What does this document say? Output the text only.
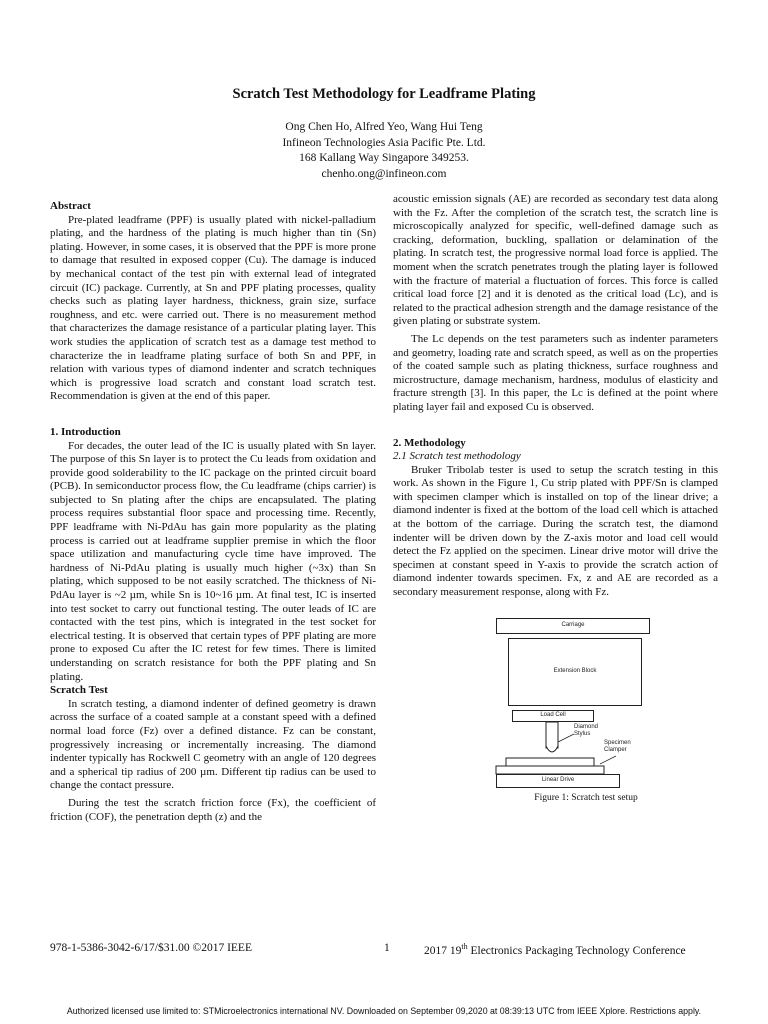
Scratch Test Methodology for Leadframe Plating
Ong Chen Ho, Alfred Yeo, Wang Hui Teng
Infineon Technologies Asia Pacific Pte. Ltd.
168 Kallang Way Singapore 349253.
chenho.ong@infineon.com

Abstract

Pre-plated leadframe (PPF) is usually plated with nickel-palladium plating, and the hardness of the plating is much higher than tin (Sn) plating. However, in some cases, it is observed that the PPF is more prone to damage that resulted in exposed copper (Cu). The damage is induced by mechanical contact of the test pin with external lead of integrated circuit (IC) package. Currently, at Sn and PPF plating processes, quality checks such as plating layer hardness, thickness, grain size, surface roughness, and etc. were carried out. There is no measurement method that characterizes the damage resistance of a particular plating layer. This work studies the application of scratch test as a damage test method to characterize the in leadframe plating surface of both Sn and PPF, in relation with various types of diamond indenter and scratch techniques which is progressive load scratch and constant load scratch test. Recommendation is given at the end of this paper.

1. Introduction

For decades, the outer lead of the IC is usually plated with Sn layer. The purpose of this Sn layer is to protect the Cu leads from oxidation and provide good solderability to the IC package on the printed circuit board (PCB). In semiconductor process flow, the Cu leadframe (chips carrier) is subjected to Sn plating after the chips are encapsulated. The plating process requires substantial floor space and processing time. Recently, PPF leadframe with Ni-PdAu has gain more popularity as the plating process is carried out at leadframe supplier premise in which the floor space utilization and manufacturing cycle time have improved. The hardness of Ni-PdAu plating is usually much higher (~3x) than Sn plating, which supposed to be not easily scratched. The thickness of Ni-PdAu layer is ~2 µm, while Sn is 10~16 µm. At final test, IC is inserted into test socket to carry out functional testing. The outer leads of IC are contacted with the test pins, which is integrated in the test socket for electrical testing. It is observed that certain types of PPF plating are more prone to exposed Cu after the IC retest for few times. There is limited understanding on scratch resistance for both the PPF plating and Sn plating.

Scratch Test

In scratch testing, a diamond indenter of defined geometry is drawn across the surface of a coated sample at a constant speed with a defined normal load force (Fz) over a defined distance. Fz can be constant, progressively increasing or incrementally increasing. The diamond indenter typically has Rockwell C geometry with an angle of 120 degrees and a spherical tip radius of 200 µm. Different tip radius can be used to change the contact pressure.

During the test the scratch friction force (Fx), the coefficient of friction (COF), the penetration depth (z) and the

acoustic emission signals (AE) are recorded as secondary test data along with the Fz. After the completion of the scratch test, the scratch line is microscopically analyzed for specific, well-defined damage such as cracking, deformation, buckling, spallation or delamination of the plating. In scratch test, the progressive normal load force is applied. The moment when the scratch penetrates trough the plating layer is followed with the fracture of material a fluctuation of forces. This force is called critical load force [2] and it is denoted as the critical load (Lc), and is related to the practical adhesion strength and the damage resistance of the given plating or substrate system.

The Lc depends on the test parameters such as indenter parameters and geometry, loading rate and scratch speed, as well as on the properties of the coated sample such as plating thickness, surface roughness and microstructure, damage mechanism, hardness, modulus of elasticity and fracture strength [3]. In this paper, the Lc is defined at the point where plating layer fail and exposed Cu is observed.

2. Methodology

2.1 Scratch test methodology

Bruker Tribolab tester is used to setup the scratch testing in this work. As shown in the Figure 1, Cu strip plated with PPF/Sn is clamped with specimen clamper which is installed on top of the linear drive; a diamond indenter is fixed at the bottom of the load cell which is attached at the bottom of the carriage. During the scratch test, the diamond indenter will be driven down by the Z-axis motor and load cell would detect the Fz applied on the specimen. Linear drive motor will drive the specimen at constant speed in Y-axis to provide the scratch action of diamond indenter towards specimen. Fx, z and AE are recorded as a secondary measurement response, along with Fz.

Carriage
Extension Block
Load Cell
Diamond
Stylus
Specimen
Clamper
Linear Drive
Figure 1: Scratch test setup
978-1-5386-3042-6/17/$31.00 ©2017 IEEE	1	2017 19th Electronics Packaging Technology Conference
Authorized licensed use limited to: STMicroelectronics international NV. Downloaded on September 09,2020 at 08:39:13 UTC from IEEE Xplore. Restrictions apply.
